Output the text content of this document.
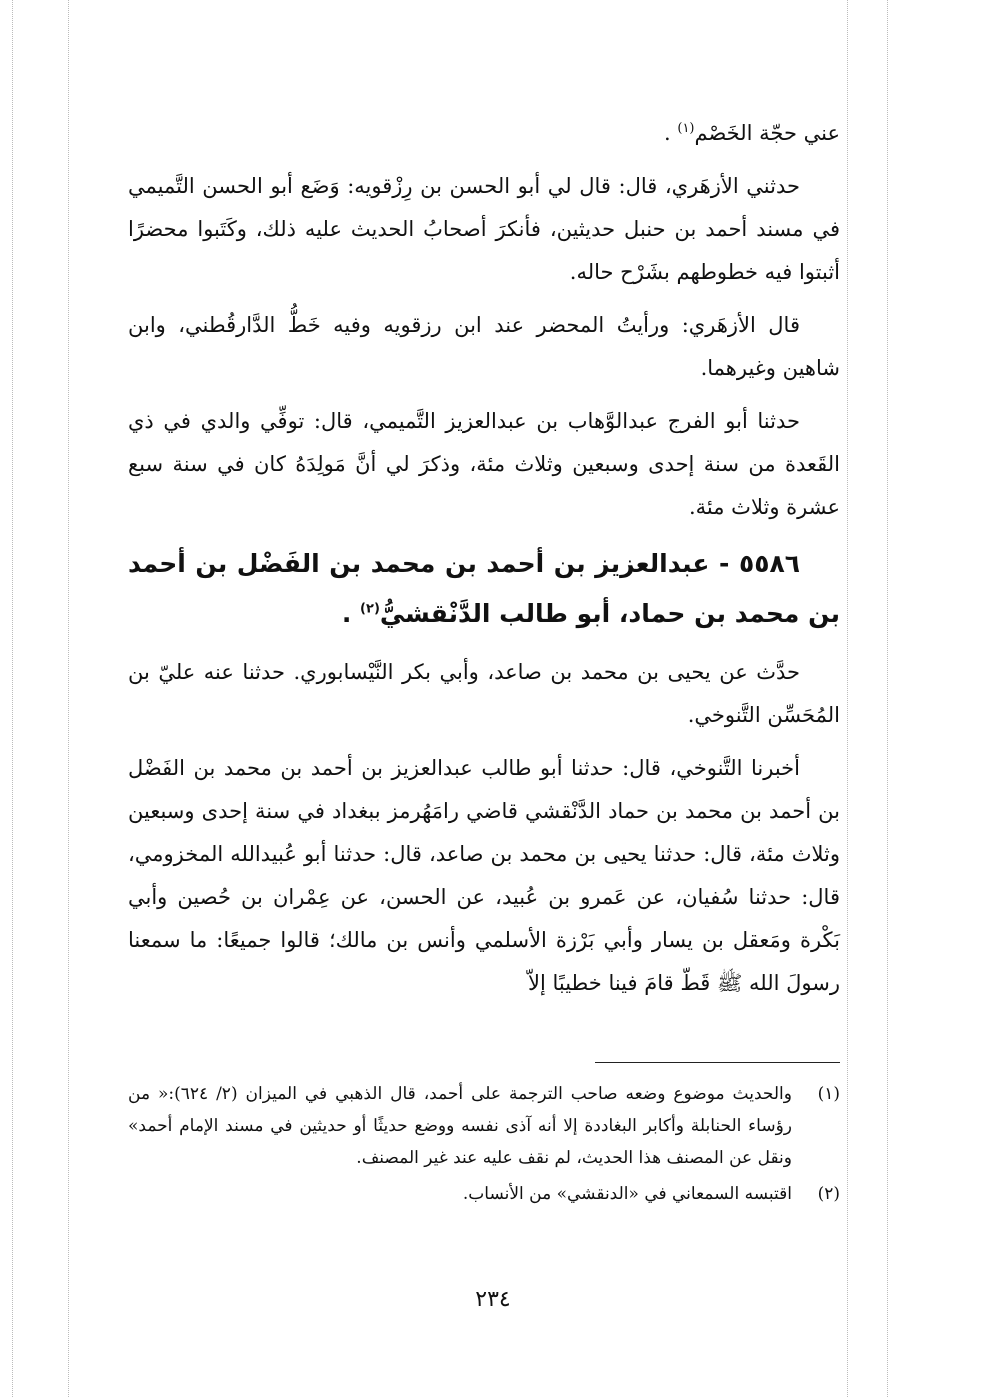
عني حجّة الخَصْم$^{(١)}$ .

حدثني الأزهَري، قال: قال لي أبو الحسن بن رِزْقويه: وَضَع أبو الحسن التَّميمي في مسند أحمد بن حنبل حديثين، فأنكرَ أصحابُ الحديث عليه ذلك، وكَتَبوا محضرًا أثبتوا فيه خطوطهم بشَرْح حاله.

قال الأزهَري: ورأيتُ المحضر عند ابن رزقويه وفيه خَطُّ الدَّارقُطني، وابن شاهين وغيرهما.

حدثنا أبو الفرج عبدالوَّهاب بن عبدالعزيز التَّميمي، قال: توفِّي والدي في ذي القَعدة من سنة إحدى وسبعين وثلاث مئة، وذكرَ لي أنَّ مَولِدَهُ كان في سنة سبع عشرة وثلاث مئة.

٥٥٨٦ - عبدالعزيز بن أحمد بن محمد بن الفَضْل بن أحمد بن محمد بن حماد، أبو طالب الدَّنْقشيُّ$^{(٢)}$ .

حدَّث عن يحيى بن محمد بن صاعد، وأبي بكر النَّيْسابوري. حدثنا عنه عليّ بن المُحَسِّن التَّنوخي.

أخبرنا التَّنوخي، قال: حدثنا أبو طالب عبدالعزيز بن أحمد بن محمد بن الفَضْل بن أحمد بن محمد بن حماد الدَّنْقشي قاضي رامَهُرمز ببغداد في سنة إحدى وسبعين وثلاث مئة، قال: حدثنا يحيى بن محمد بن صاعد، قال: حدثنا أبو عُبيدالله المخزومي، قال: حدثنا سُفيان، عن عَمرو بن عُبيد، عن الحسن، عن عِمْران بن حُصين وأبي بَكْرة ومَعقل بن يسار وأبي بَرْزة الأسلمي وأنس بن مالك؛ قالوا جميعًا: ما سمعنا رسولَ الله ﷺ قَطّ قامَ فينا خطيبًا إلاّ

(١)
والحديث موضوع وضعه صاحب الترجمة على أحمد، قال الذهبي في الميزان (٢/ ٦٢٤):« من رؤساء الحنابلة وأكابر البغاددة إلا أنه آذى نفسه ووضع حديثًا أو حديثين في مسند الإمام أحمد» ونقل عن المصنف هذا الحديث، لم نقف عليه عند غير المصنف.
(٢)
اقتبسه السمعاني في «الدنقشي» من الأنساب.
٢٣٤
